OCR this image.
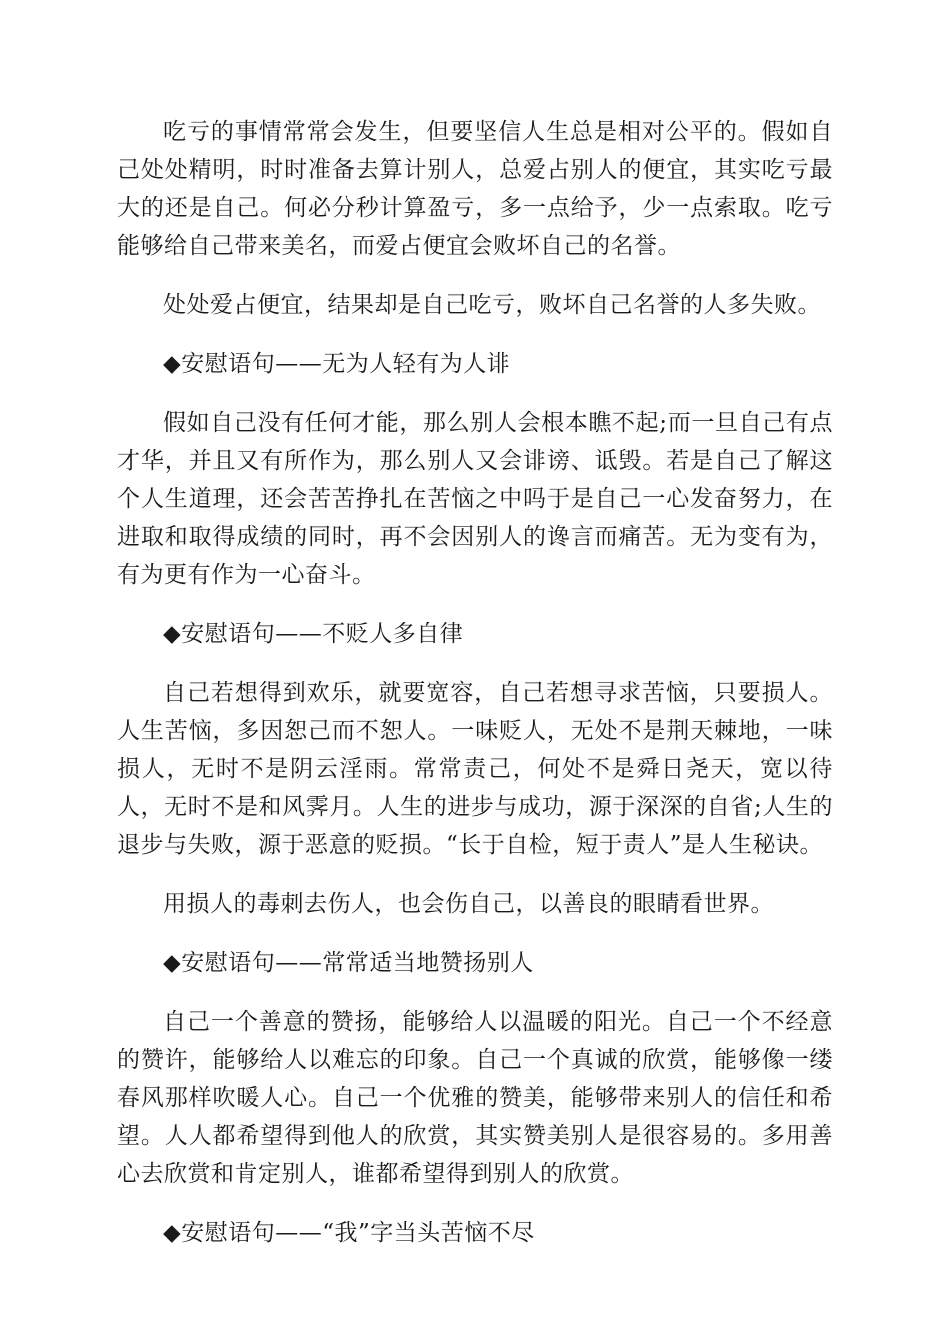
吃亏的事情常常会发生，但要坚信人生总是相对公平的。假如自己处处精明，时时准备去算计别人，总爱占别人的便宜，其实吃亏最大的还是自己。何必分秒计算盈亏，多一点给予，少一点索取。吃亏能够给自己带来美名，而爱占便宜会败坏自己的名誉。

处处爱占便宜，结果却是自己吃亏，败坏自己名誉的人多失败。

◆安慰语句——无为人轻有为人诽

假如自己没有任何才能，那么别人会根本瞧不起;而一旦自己有点才华，并且又有所作为，那么别人又会诽谤、诋毁。若是自己了解这个人生道理，还会苦苦挣扎在苦恼之中吗于是自己一心发奋努力，在进取和取得成绩的同时，再不会因别人的谗言而痛苦。无为变有为，有为更有作为一心奋斗。

◆安慰语句——不贬人多自律

自己若想得到欢乐，就要宽容，自己若想寻求苦恼，只要损人。人生苦恼，多因恕己而不恕人。一味贬人，无处不是荆天棘地，一味损人，无时不是阴云淫雨。常常责己，何处不是舜日尧天，宽以待人，无时不是和风霁月。人生的进步与成功，源于深深的自省;人生的退步与失败，源于恶意的贬损。“长于自检，短于责人”是人生秘诀。

用损人的毒刺去伤人，也会伤自己，以善良的眼睛看世界。

◆安慰语句——常常适当地赞扬别人

自己一个善意的赞扬，能够给人以温暖的阳光。自己一个不经意的赞许，能够给人以难忘的印象。自己一个真诚的欣赏，能够像一缕春风那样吹暖人心。自己一个优雅的赞美，能够带来别人的信任和希望。人人都希望得到他人的欣赏，其实赞美别人是很容易的。多用善心去欣赏和肯定别人，谁都希望得到别人的欣赏。

◆安慰语句——“我”字当头苦恼不尽
